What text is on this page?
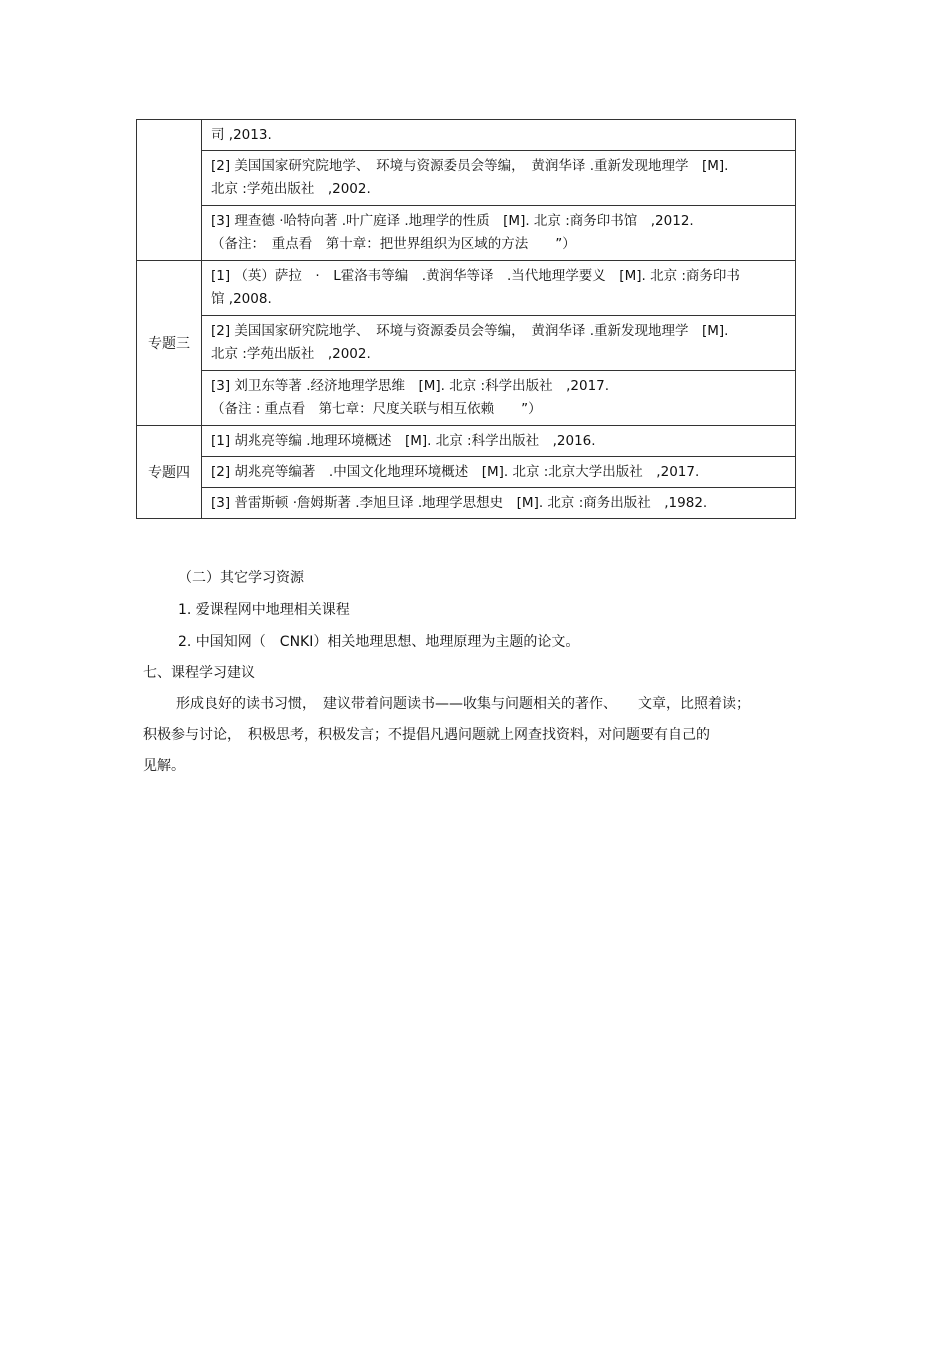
	司 ,2013.

	[2] 美国国家研究院地学、　环境与资源委员会等编，　黄润华译 .重新发现地理学　[M].
北京 :学苑出版社　,2002.

	[3] 理查德 ·哈特向著 .叶广庭译 .地理学的性质　[M]. 北京 :商务印书馆　,2012.
（备注：　重点看　第十章：把世界组织为区域的方法　　”）

专题三	[1] （英）萨拉　·　L霍洛韦等编　.黄润华等译　.当代地理学要义　[M]. 北京 :商务印书
馆 ,2008.

	[2] 美国国家研究院地学、　环境与资源委员会等编，　黄润华译 .重新发现地理学　[M].
北京 :学苑出版社　,2002.

	[3] 刘卫东等著 .经济地理学思维　[M]. 北京 :科学出版社　,2017.
（备注 : 重点看　第七章：尺度关联与相互依赖　　”）

专题四	[1] 胡兆亮等编 .地理环境概述　[M]. 北京 :科学出版社　,2016.

	[2] 胡兆亮等编著　.中国文化地理环境概述　[M]. 北京 :北京大学出版社　,2017.

	[3] 普雷斯顿 ·詹姆斯著 .李旭旦译 .地理学思想史　[M]. 北京 :商务出版社　,1982.
（二）其它学习资源
1. 爱课程网中地理相关课程
2. 中国知网（　CNKI）相关地理思想、地理原理为主题的论文。
七、课程学习建议
形成良好的读书习惯，　建议带着问题读书——收集与问题相关的著作、　　文章，比照着读；
积极参与讨论，　积极思考，积极发言；不提倡凡遇问题就上网查找资料，对问题要有自己的
见解。
